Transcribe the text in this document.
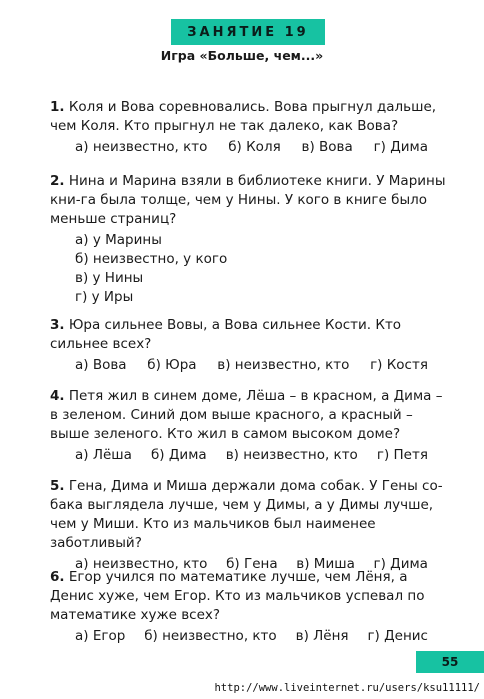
ЗАНЯТИЕ 19
Игра «Больше, чем...»

1. Коля и Вова соревновались. Вова прыгнул дальше, чем Коля. Кто прыгнул не так далеко, как Вова?

а) неизвестно, кто б) Коля в) Вова г) Дима

2. Нина и Марина взяли в библиотеке книги. У Марины кни-га была толще, чем у Нины. У кого в книге было меньше страниц?

а) у Марины
б) неизвестно, у кого
в) у Нины
г) у Иры

3. Юра сильнее Вовы, а Вова сильнее Кости. Кто сильнее всех?

а) Вова б) Юра в) неизвестно, кто г) Костя

4. Петя жил в синем доме, Лёша – в красном, а Дима – в зеленом. Синий дом выше красного, а красный – выше зеленого. Кто жил в самом высоком доме?

а) Лёша б) Дима в) неизвестно, кто г) Петя

5. Гена, Дима и Миша держали дома собак. У Гены со-бака выглядела лучше, чем у Димы, а у Димы лучше, чем у Миши. Кто из мальчиков был наименее заботливый?

а) неизвестно, кто б) Гена в) Миша г) Дима

6. Егор учился по математике лучше, чем Лёня, а Денис хуже, чем Егор. Кто из мальчиков успевал по математике хуже всех?

а) Егор б) неизвестно, кто в) Лёня г) Денис
55
http://www.liveinternet.ru/users/ksu11111/
